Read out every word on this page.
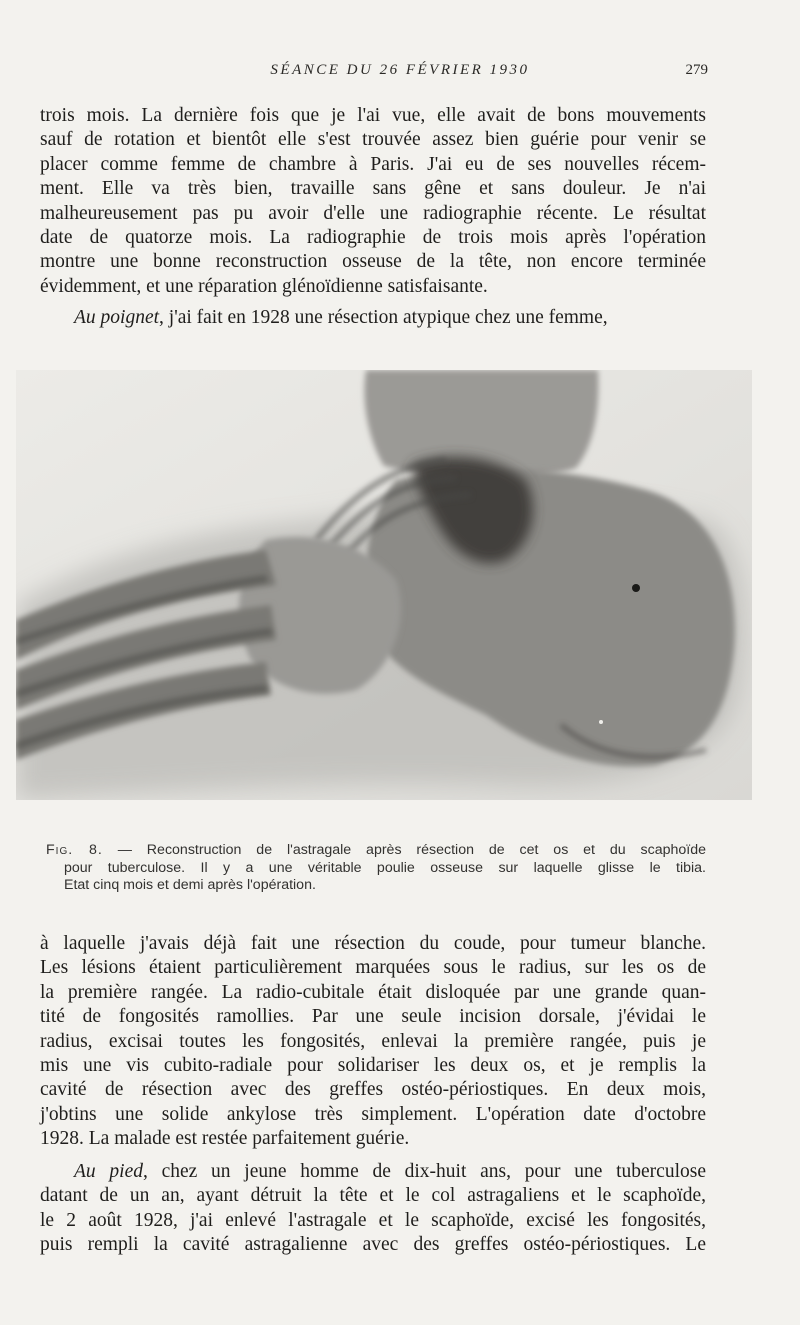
SÉANCE DU 26 FÉVRIER 1930	279

trois mois. La dernière fois que je l'ai vue, elle avait de bons mouvements
sauf de rotation et bientôt elle s'est trouvée assez bien guérie pour venir se
placer comme femme de chambre à Paris. J'ai eu de ses nouvelles récem-
ment. Elle va très bien, travaille sans gêne et sans douleur. Je n'ai
malheureusement pas pu avoir d'elle une radiographie récente. Le résultat
date de quatorze mois. La radiographie de trois mois après l'opération
montre une bonne reconstruction osseuse de la tête, non encore terminée
évidemment, et une réparation glénoïdienne satisfaisante.

Au poignet, j'ai fait en 1928 une résection atypique chez une femme,

Fig. 8. — Reconstruction de l'astragale après résection de cet os et du scaphoïde
pour tuberculose. Il y a une véritable poulie osseuse sur laquelle glisse le tibia.
Etat cinq mois et demi après l'opération.

à laquelle j'avais déjà fait une résection du coude, pour tumeur blanche.
Les lésions étaient particulièrement marquées sous le radius, sur les os de
la première rangée. La radio-cubitale était disloquée par une grande quan-
tité de fongosités ramollies. Par une seule incision dorsale, j'évidai le
radius, excisai toutes les fongosités, enlevai la première rangée, puis je
mis une vis cubito-radiale pour solidariser les deux os, et je remplis la
cavité de résection avec des greffes ostéo-périostiques. En deux mois,
j'obtins une solide ankylose très simplement. L'opération date d'octobre
1928. La malade est restée parfaitement guérie.

Au pied, chez un jeune homme de dix-huit ans, pour une tuberculose
datant de un an, ayant détruit la tête et le col astragaliens et le scaphoïde,
le 2 août 1928, j'ai enlevé l'astragale et le scaphoïde, excisé les fongosités,
puis rempli la cavité astragalienne avec des greffes ostéo-périostiques. Le
